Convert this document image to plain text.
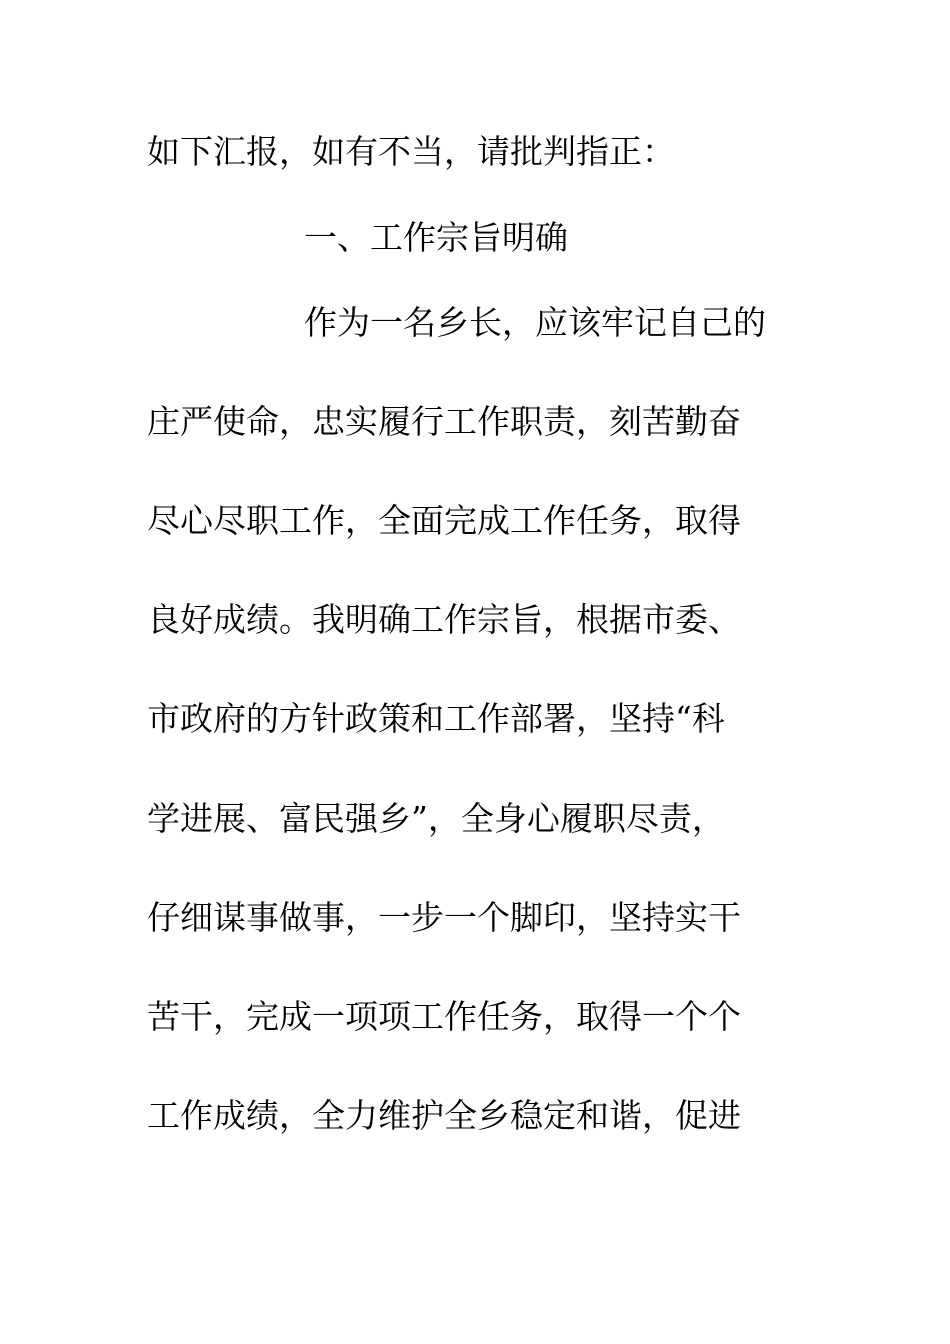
如下汇报，如有不当，请批判指正：
一、工作宗旨明确
作为一名乡长，应该牢记自己的
庄严使命，忠实履行工作职责，刻苦勤奋
尽心尽职工作，全面完成工作任务，取得
良好成绩。我明确工作宗旨，根据市委、
市政府的方针政策和工作部署，坚持“科
学进展、富民强乡”，全身心履职尽责，
仔细谋事做事，一步一个脚印，坚持实干
苦干，完成一项项工作任务，取得一个个
工作成绩，全力维护全乡稳定和谐，促进
